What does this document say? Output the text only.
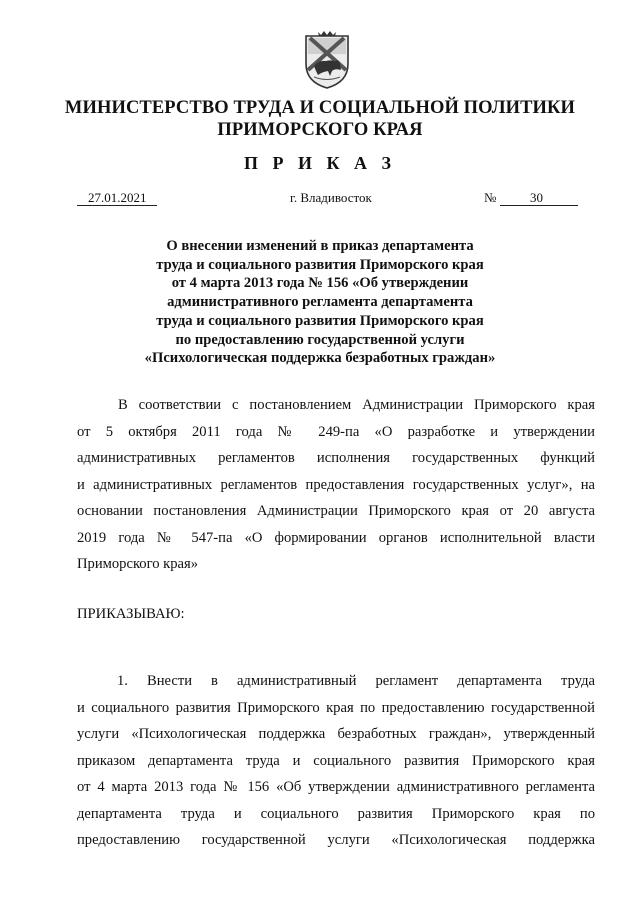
МИНИСТЕРСТВО ТРУДА И СОЦИАЛЬНОЙ ПОЛИТИКИ
ПРИМОРСКОГО КРАЯ
П Р И К А З
27.01.2021	г. Владивосток	№	30
О внесении изменений в приказ департамента
труда и социального развития Приморского края
от 4 марта 2013 года № 156 «Об утверждении
административного регламента департамента
труда и социального развития Приморского края
по предоставлению государственной услуги
«Психологическая поддержка безработных граждан»
В соответствии с постановлением Администрации Приморского края
от 5 октября 2011 года № 249-па «О разработке и утверждении
административных регламентов исполнения государственных функций
и административных регламентов предоставления государственных услуг», на
основании постановления Администрации Приморского края от 20 августа
2019 года № 547-па «О формировании органов исполнительной власти
Приморского края»
ПРИКАЗЫВАЮ:
1. Внести в административный регламент департамента труда
и социального развития Приморского края по предоставлению государственной
услуги «Психологическая поддержка безработных граждан», утвержденный
приказом департамента труда и социального развития Приморского края
от 4 марта 2013 года № 156 «Об утверждении административного регламента
департамента труда и социального развития Приморского края по
предоставлению государственной услуги «Психологическая поддержка
